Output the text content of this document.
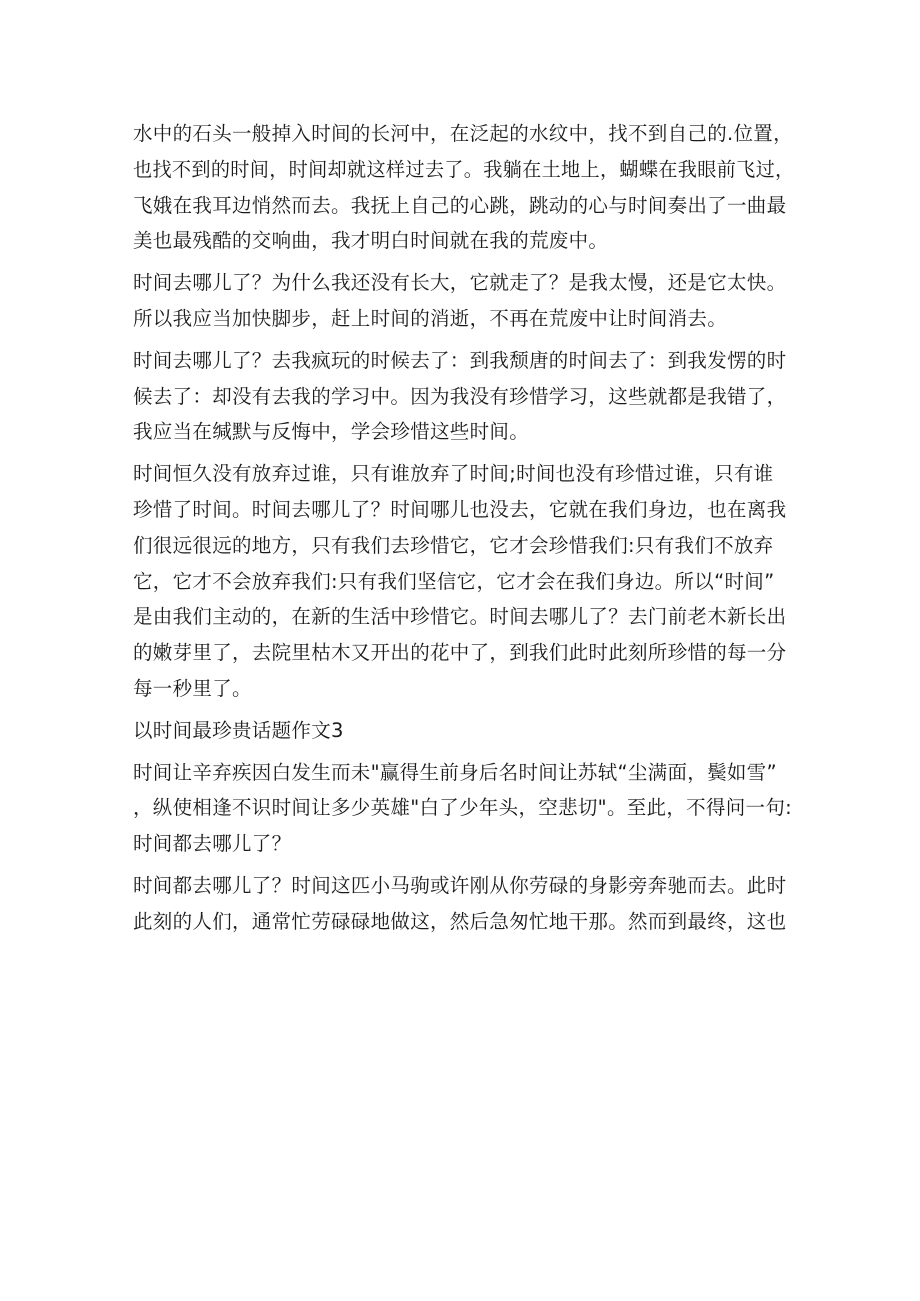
水中的石头一般掉入时间的长河中，在泛起的水纹中，找不到自己的.位置，
也找不到的时间，时间却就这样过去了。我躺在土地上，蝴蝶在我眼前飞过，
飞娥在我耳边悄然而去。我抚上自己的心跳，跳动的心与时间奏出了一曲最
美也最残酷的交响曲，我才明白时间就在我的荒废中。

时间去哪儿了？为什么我还没有长大，它就走了？是我太慢，还是它太快。
所以我应当加快脚步，赶上时间的消逝，不再在荒废中让时间消去。

时间去哪儿了？去我疯玩的时候去了：到我颓唐的时间去了：到我发愣的时
候去了：却没有去我的学习中。因为我没有珍惜学习，这些就都是我错了，
我应当在缄默与反悔中，学会珍惜这些时间。

时间恒久没有放弃过谁，只有谁放弃了时间;时间也没有珍惜过谁，只有谁
珍惜了时间。时间去哪儿了？时间哪儿也没去，它就在我们身边，也在离我
们很远很远的地方，只有我们去珍惜它，它才会珍惜我们:只有我们不放弃
它，它才不会放弃我们:只有我们坚信它，它才会在我们身边。所以“时间”
是由我们主动的，在新的生活中珍惜它。时间去哪儿了？去门前老木新长出
的嫩芽里了，去院里枯木又开出的花中了，到我们此时此刻所珍惜的每一分
每一秒里了。

以时间最珍贵话题作文3

时间让辛弃疾因白发生而未"赢得生前身后名时间让苏轼“尘满面，鬓如雪”
，纵使相逢不识时间让多少英雄"白了少年头，空悲切"。至此，不得问一句:
时间都去哪儿了？

时间都去哪儿了？时间这匹小马驹或许刚从你劳碌的身影旁奔驰而去。此时
此刻的人们，通常忙劳碌碌地做这，然后急匆忙地干那。然而到最终，这也
